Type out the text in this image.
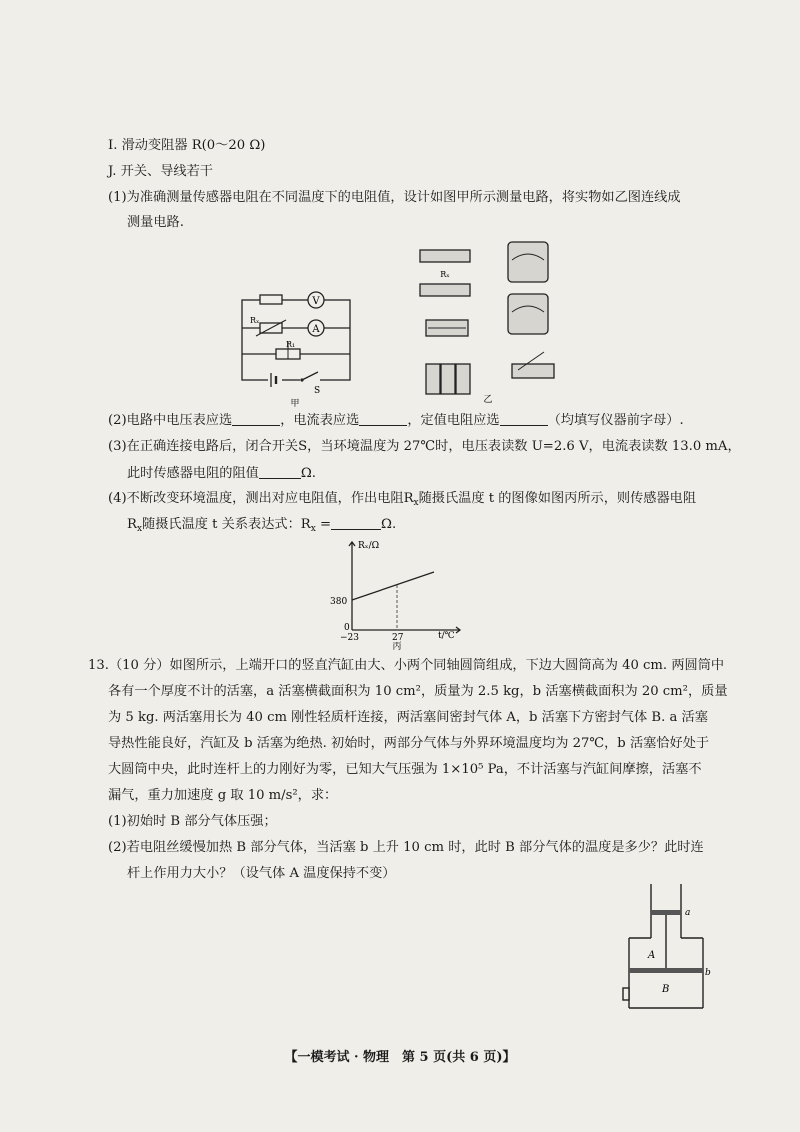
I. 滑动变阻器 R(0～20 Ω)
J. 开关、导线若干
(1)为准确测量传感器电阻在不同温度下的电阻值，设计如图甲所示测量电路，将实物如乙图连线成
测量电路.
V
A
Rₓ
R₁
S
甲
Rₓ
乙
(2)电路中电压表应选	，电流表应选	，定值电阻应选	（均填写仪器前字母）.
(3)在正确连接电路后，闭合开关S，当环境温度为 27℃时，电压表读数 U=2.6 V，电流表读数 13.0 mA，
此时传感器电阻的阻值	Ω.
(4)不断改变环境温度，测出对应电阻值，作出电阻$R_x$随摄氏温度 t 的图像如图丙所示，则传感器电阻
$R_x$随摄氏温度 t 关系表达式：$R_x$ =	Ω.
Rₓ/Ω
t/℃
380
0
−23	27
丙
13.（10 分）如图所示，上端开口的竖直汽缸由大、小两个同轴圆筒组成，下边大圆筒高为 40 cm. 两圆筒中
各有一个厚度不计的活塞，a 活塞横截面积为 10 cm²，质量为 2.5 kg，b 活塞横截面积为 20 cm²，质量
为 5 kg. 两活塞用长为 40 cm 刚性轻质杆连接，两活塞间密封气体 A，b 活塞下方密封气体 B. a 活塞
导热性能良好，汽缸及 b 活塞为绝热. 初始时，两部分气体与外界环境温度均为 27℃，b 活塞恰好处于
大圆筒中央，此时连杆上的力刚好为零，已知大气压强为 1×10⁵ Pa，不计活塞与汽缸间摩擦，活塞不
漏气，重力加速度 g 取 10 m/s²，求：
(1)初始时 B 部分气体压强；
(2)若电阻丝缓慢加热 B 部分气体，当活塞 b 上升 10 cm 时，此时 B 部分气体的温度是多少？此时连
杆上作用力大小？（设气体 A 温度保持不变）
a
b
A
B
【一模考试 · 物理　第 5 页(共 6 页)】
